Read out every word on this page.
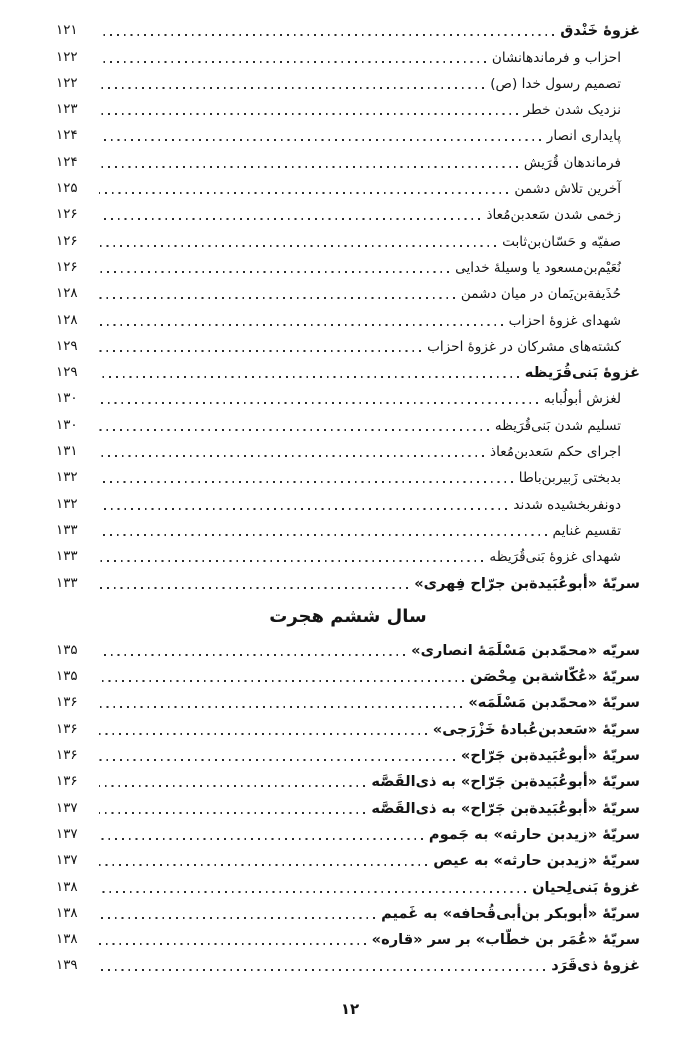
غزوهٔ خَنْدق
۱۲۱
احزاب و فرماندهانشان
۱۲۲
تصمیم رسول خدا (ص)
۱۲۲
نزدیک شدن خطر
۱۲۳
پایداری انصار
۱۲۴
فرماندهان قُرَیش
۱۲۴
آخرین تلاش دشمن
۱۲۵
زخمی شدن سَعدبن‌مُعاذ
۱۲۶
صفیّه و حَسّان‌بن‌ثابت
۱۲۶
نُعَیْم‌بن‌مسعود یا وسیلهٔ خدایی
۱۲۶
حُذَیفة‌بن‌یَمان در میان دشمن
۱۲۸
شهدای غزوهٔ احزاب
۱۲۸
کشته‌های مشرکان در غزوهٔ احزاب
۱۲۹
غزوهٔ بَنی‌قُرَیظه
۱۲۹
لغزش أبولُبابه
۱۳۰
تسلیم شدن بَنی‌قُرَیظه
۱۳۰
اجرای حکم سَعدبن‌مُعاذ
۱۳۱
بدبختی زَبیربن‌باطا
۱۳۲
دونفربخشیده شدند
۱۳۲
تقسیم غنایم
۱۳۳
شهدای غزوهٔ بَنی‌قُرَیظه
۱۳۳
سریّهٔ «أبوعُبَیدة‌بن جرّاح فِهری»
۱۳۳
سال ششم هجرت
سریّه «محمّدبن مَسْلَمَهٔ انصاری»
۱۳۵
سریّهٔ «عُکّاشة‌بن مِحْصَن
۱۳۵
سریّهٔ «محمّدبن مَسْلَمَه»
۱۳۶
سریّهٔ «سَعدبن‌عُبادهٔ خَزْرَجی»
۱۳۶
سریّهٔ «أبوعُبَیدة‌بن جَرّاح»
۱۳۶
سریّهٔ «أبوعُبَیدة‌بن جَرّاح» به ذی‌القَصَّه
۱۳۶
سریّهٔ «أبوعُبَیدة‌بن جَرّاح» به ذی‌القَصَّه
۱۳۷
سریّهٔ «زیدبن حارثه» به جَموم
۱۳۷
سریّهٔ «زیدبن حارثه» به عیص
۱۳۷
غزوهٔ بَنی‌لِحیان
۱۳۸
سریّهٔ «أبوبکر بن‌أبی‌قُحافه» به غَمیم
۱۳۸
سریّهٔ «عُمَر بن خطّاب» بر سر «قاره»
۱۳۸
غزوهٔ ذی‌قَرَد
۱۳۹
۱۲
